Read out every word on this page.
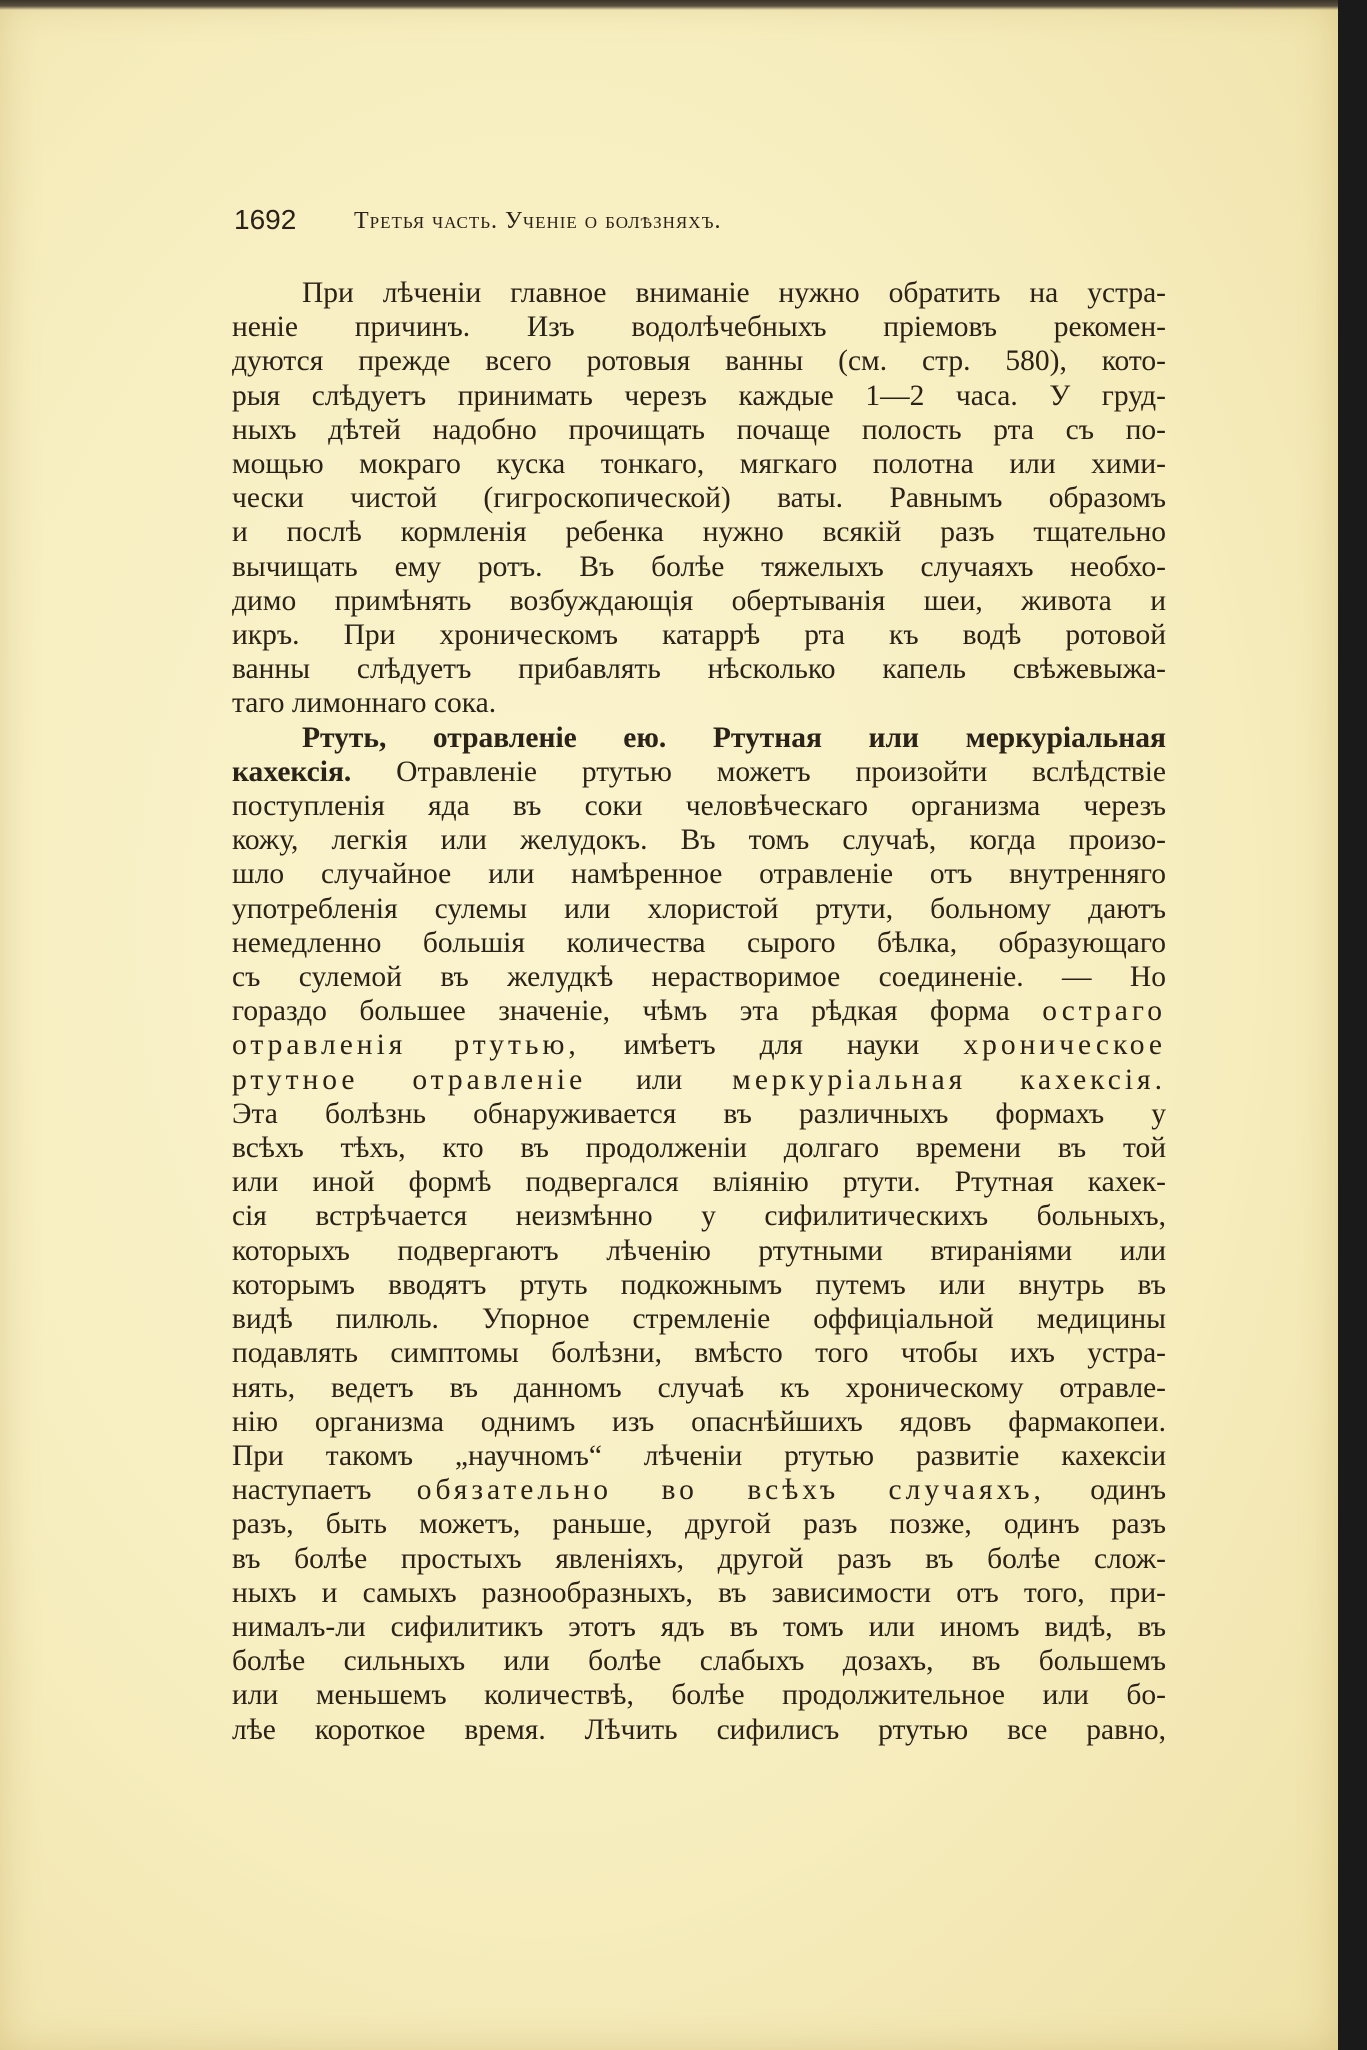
1692 Третья часть. Ученiе о болѣзняхъ.
При лѣченiи главное вниманiе нужно обратить на устра-
ненiе причинъ. Изъ водолѣчебныхъ прiемовъ рекомен-
дуются прежде всего ротовыя ванны (см. стр. 580), кото-
рыя слѣдуетъ принимать черезъ каждые 1—2 часа. У груд-
ныхъ дѣтей надобно прочищать почаще полость рта съ по-
мощью мокраго куска тонкаго, мягкаго полотна или хими-
чески чистой (гигроскопической) ваты. Равнымъ образомъ
и послѣ кормленiя ребенка нужно всякiй разъ тщательно
вычищать ему ротъ. Въ болѣе тяжелыхъ случаяхъ необхо-
димо примѣнять возбуждающiя обертыванiя шеи, живота и
икръ. При хроническомъ катаррѣ рта къ водѣ ротовой
ванны слѣдуетъ прибавлять нѣсколько капель свѣжевыжа-
таго лимоннаго сока.
Ртуть, отравленiе ею. Ртутная или меркурiальная
кахексiя. Отравленiе ртутью можетъ произойти вслѣдствiе
поступленiя яда въ соки человѣческаго организма черезъ
кожу, легкiя или желудокъ. Въ томъ случаѣ, когда произо-
шло случайное или намѣренное отравленiе отъ внутренняго
употребленiя сулемы или хлористой ртути, больному даютъ
немедленно большiя количества сырого бѣлка, образующаго
съ сулемой въ желудкѣ нерастворимое соединенiе. — Но
гораздо большее значенiе, чѣмъ эта рѣдкая форма остраго
отравленiя ртутью, имѣетъ для науки хроническое
ртутное отравленiе или меркурiальная кахексiя.
Эта болѣзнь обнаруживается въ различныхъ формахъ у
всѣхъ тѣхъ, кто въ продолженiи долгаго времени въ той
или иной формѣ подвергался влiянiю ртути. Ртутная кахек-
сiя встрѣчается неизмѣнно у сифилитическихъ больныхъ,
которыхъ подвергаютъ лѣченiю ртутными втиранiями или
которымъ вводятъ ртуть подкожнымъ путемъ или внутрь въ
видѣ пилюль. Упорное стремленiе оффицiальной медицины
подавлять симптомы болѣзни, вмѣсто того чтобы ихъ устра-
нять, ведетъ въ данномъ случаѣ къ хроническому отравле-
нiю организма однимъ изъ опаснѣйшихъ ядовъ фармакопеи.
При такомъ „научномъ“ лѣченiи ртутью развитiе кахексiи
наступаетъ обязательно во всѣхъ случаяхъ, одинъ
разъ, быть можетъ, раньше, другой разъ позже, одинъ разъ
въ болѣе простыхъ явленiяхъ, другой разъ въ болѣе слож-
ныхъ и самыхъ разнообразныхъ, въ зависимости отъ того, при-
нималъ-ли сифилитикъ этотъ ядъ въ томъ или иномъ видѣ, въ
болѣе сильныхъ или болѣе слабыхъ дозахъ, въ большемъ
или меньшемъ количествѣ, болѣе продолжительное или бо-
лѣе короткое время. Лѣчить сифилисъ ртутью все равно,
